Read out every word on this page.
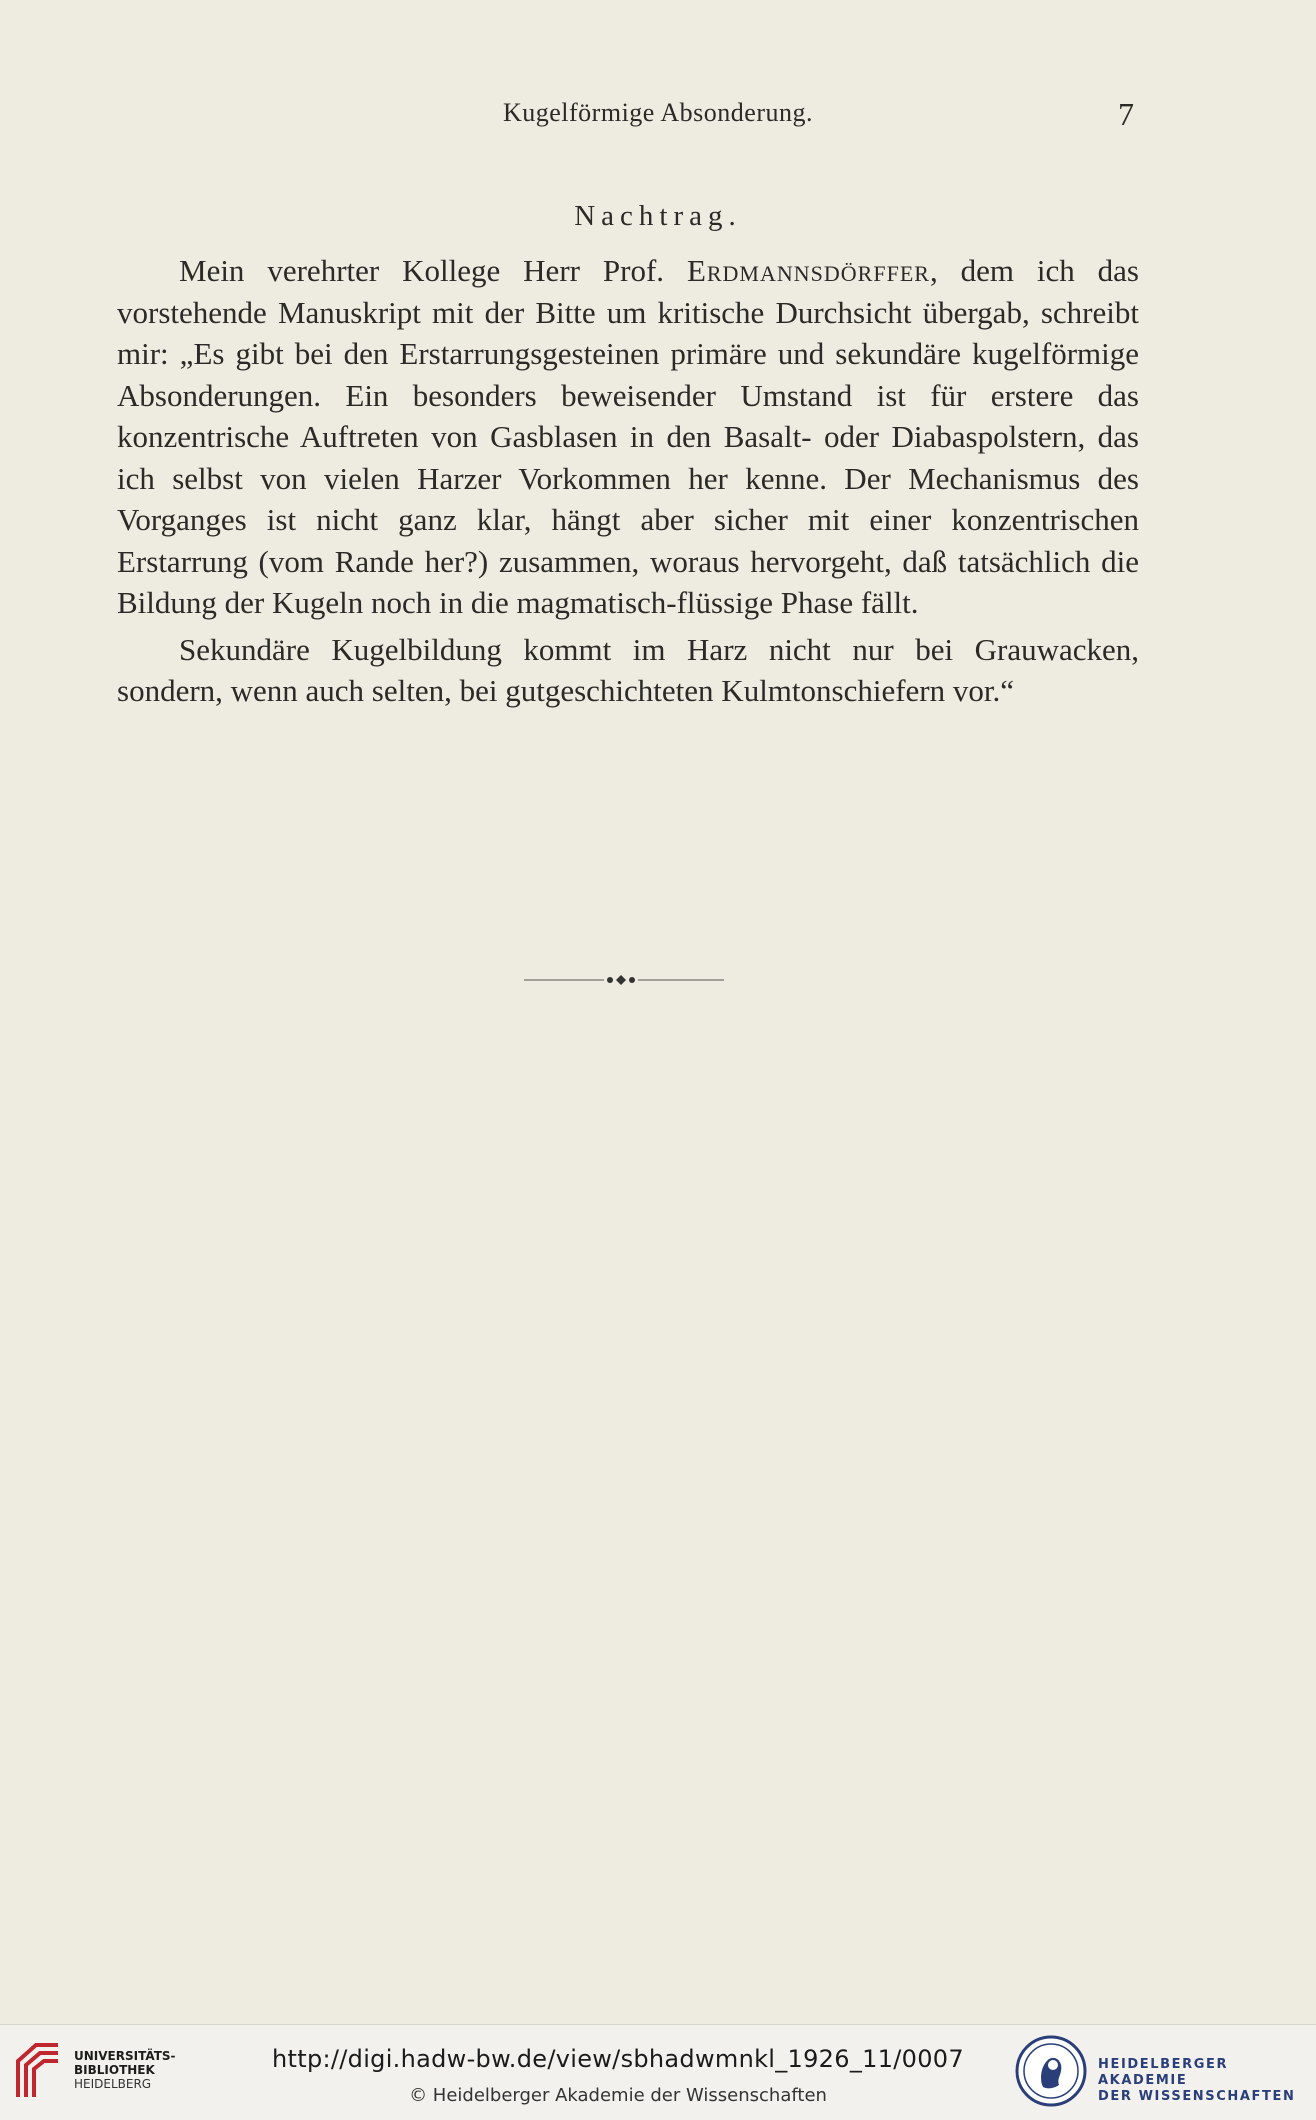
Kugelförmige Absonderung.	7
Nachtrag.

Mein verehrter Kollege Herr Prof. Erdmannsdörffer, dem ich das vorstehende Manuskript mit der Bitte um kritische Durchsicht übergab, schreibt mir: „Es gibt bei den Erstarrungsgesteinen primäre und sekundäre kugelförmige Absonderungen. Ein besonders beweisender Umstand ist für erstere das konzentrische Auftreten von Gasblasen in den Basalt- oder Diabaspolstern, das ich selbst von vielen Harzer Vorkommen her kenne. Der Mechanismus des Vorganges ist nicht ganz klar, hängt aber sicher mit einer konzentrischen Erstarrung (vom Rande her?) zusammen, woraus hervorgeht, daß tatsächlich die Bildung der Kugeln noch in die magmatisch-flüssige Phase fällt.

Sekundäre Kugelbildung kommt im Harz nicht nur bei Grauwacken, sondern, wenn auch selten, bei gutgeschichteten Kulmtonschiefern vor.“

UNIVERSITÄTS-
BIBLIOTHEK
HEIDELBERG
http://digi.hadw-bw.de/view/sbhadwmnkl_1926_11/0007
© Heidelberger Akademie der Wissenschaften
HEIDELBERGER AKADEMIE
DER WISSENSCHAFTEN
